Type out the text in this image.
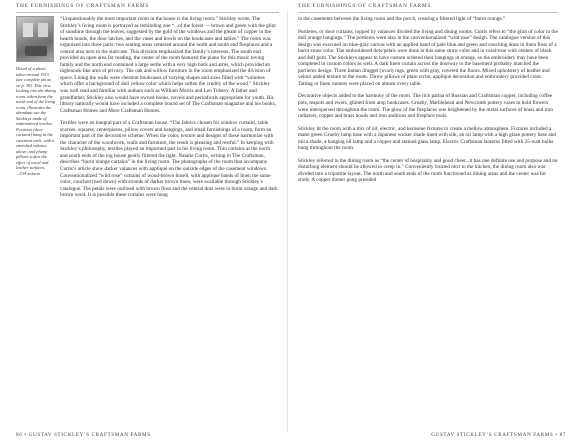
THE FURNISHINGS OF CRAFTSMAN FARMS
Detail of a photo taken around 1915 (see complete photo on p. 38). This view looking into the dining room, taken form the north end of the living room, illustrates the abundant use the Stickleys made of embroidered textiles. Portieres (door curtains) hang in the casement arch, with a stretched valance above, and plump pillows soften the effect of wood and leather surfaces.
—CSF archives

“Unquestionably the most important room in the house is the living room,” Stickley wrote. The Stickley’s living room is portrayed as reminding one “...of the forest — brown and green with the glint of sunshine through the leaves, suggested by the gold of the windows and the gleam of copper in the hearth hoods, the door latches, and the vases and bowls on the bookcases and tables.” The room was organized into three parts: two seating areas centered around the north and south end fireplaces and a central area next to the staircase. This division emphasized the family’s interests. The south end provided an open area for reading, the center of the room featured the piano for this music loving family and the north end contained a large settle with a very high back and arms, which provided an inglenook-like area of privacy. The oak and willow furniture in the room emphasized the division of space. Lining the walls were chestnut bookcases of varying shapes and sizes filled with “volumes which offer a background of dull yellow color which helps soften the crudity of the wood.” Stickley was well read and familiar with authors such as William Morris and Leo Tolstoy. A father and grandfather, Stickley also would have owned books, novels and periodicals appropriate for youth. His library naturally would have included a complete bound set of The Craftsman magazine and his books, Craftsman Homes and More Craftsman Homes.

Textiles were an integral part of a Craftsman house. “The fabrics chosen for window curtains, table scarves, squares, centerpieces, pillow covers and hangings, and small furnishings of a room, form an important part of the decorative scheme. When the color, texture and designs of these harmonize with the character of the woodwork, walls and furniture, the result is pleasing and restful.” In keeping with Stickley’s philosophy, textiles played an important part in his living room. Thin curtains at the north and south ends of the log house gently filtered the light. Natalie Curtis, writing in The Craftsman, describes “burnt orange curtains” in the living room. The photographs of the room that accompany Curtis’s article show darker valances with appliqué on the outside edges of the casement windows. Conventionalized “wild rose” curtains of wood-brown linsell, with appliqué bands of linen the same color, couched (tied down) with strands of darker brown linen, were available through Stickley’s catalogue. The petals were outlined with brown floss and the central dots were in burnt orange and dark brown wool. It is possible these curtains were hung

86 • GUSTAV STICKLEY’S CRAFTSMAN FARMS
THE FURNISHINGS OF CRAFTSMAN FARMS

in the casements between the living room and the porch, creating a filtered light of “burnt orange.”

Portieres, or door curtains, topped by valances divided the living and dining rooms. Curtis refers to “the glint of color in the dull orange hangings.” The portieres were also in the conventionalized “wild rose” design. The catalogue version of this design was executed on blue-gray canvas with an applied band of pale blue and green and couching done in linen floss of a burnt straw color. The embroidered dots/petals were done in this same straw color and in coral/rose with centers of black and dull gold. The Stickleys appear to have custom ordered their hangings in orange, so the embroidery may have been completed in custom colors as well. A dark linen curtain across the doorway to the basement probably matched the portieres design. Three Indian druggel (wool) rugs, green with gray, covered the floors. Mixed upholstery of leather and velour added texture to the room. Throw pillows of plain scrim, appliqué decoration and embroidery provided color. Tatting or linen runners were placed on almost every table.

Decorative objects added to the harmony of the room. The rich patina of Russian and Craftsman copper, including coffee pots, teapots and ewers, glinted from atop bookcases. Grueby, Marblehead and Newcomb pottery vases to hold flowers were interspersed throughout the room. The glow of the fireplaces was heightened by the metal surfaces of brass and iron radiators, copper and brass hoods and iron andirons and fireplace tools.

Stickley lit the room with a mix of oil, electric, and kerosene fixtures to create a mellow atmosphere. Fixtures included a matte green Grueby lamp base with a Japanese wicker shade lined with silk, an oil lamp with a high glaze pottery base and mica shade, a hanging oil lamp and a copper and stained glass lamp. Electric Craftsman lanterns fitted with 25-watt bulbs hung throughout the room.

Stickley referred to the dining room as “the center of hospitality and good cheer...it has one definite use and purpose and no disturbing element should be allowed to creep in.” Conveniently located next to the kitchen, the dining room also was divided into a tripartite layout. The north and south ends of the room functioned as dining areas and the center was for study. A copper dinner gong presided

GUSTAV STICKLEY’S CRAFTSMAN FARMS • 87
